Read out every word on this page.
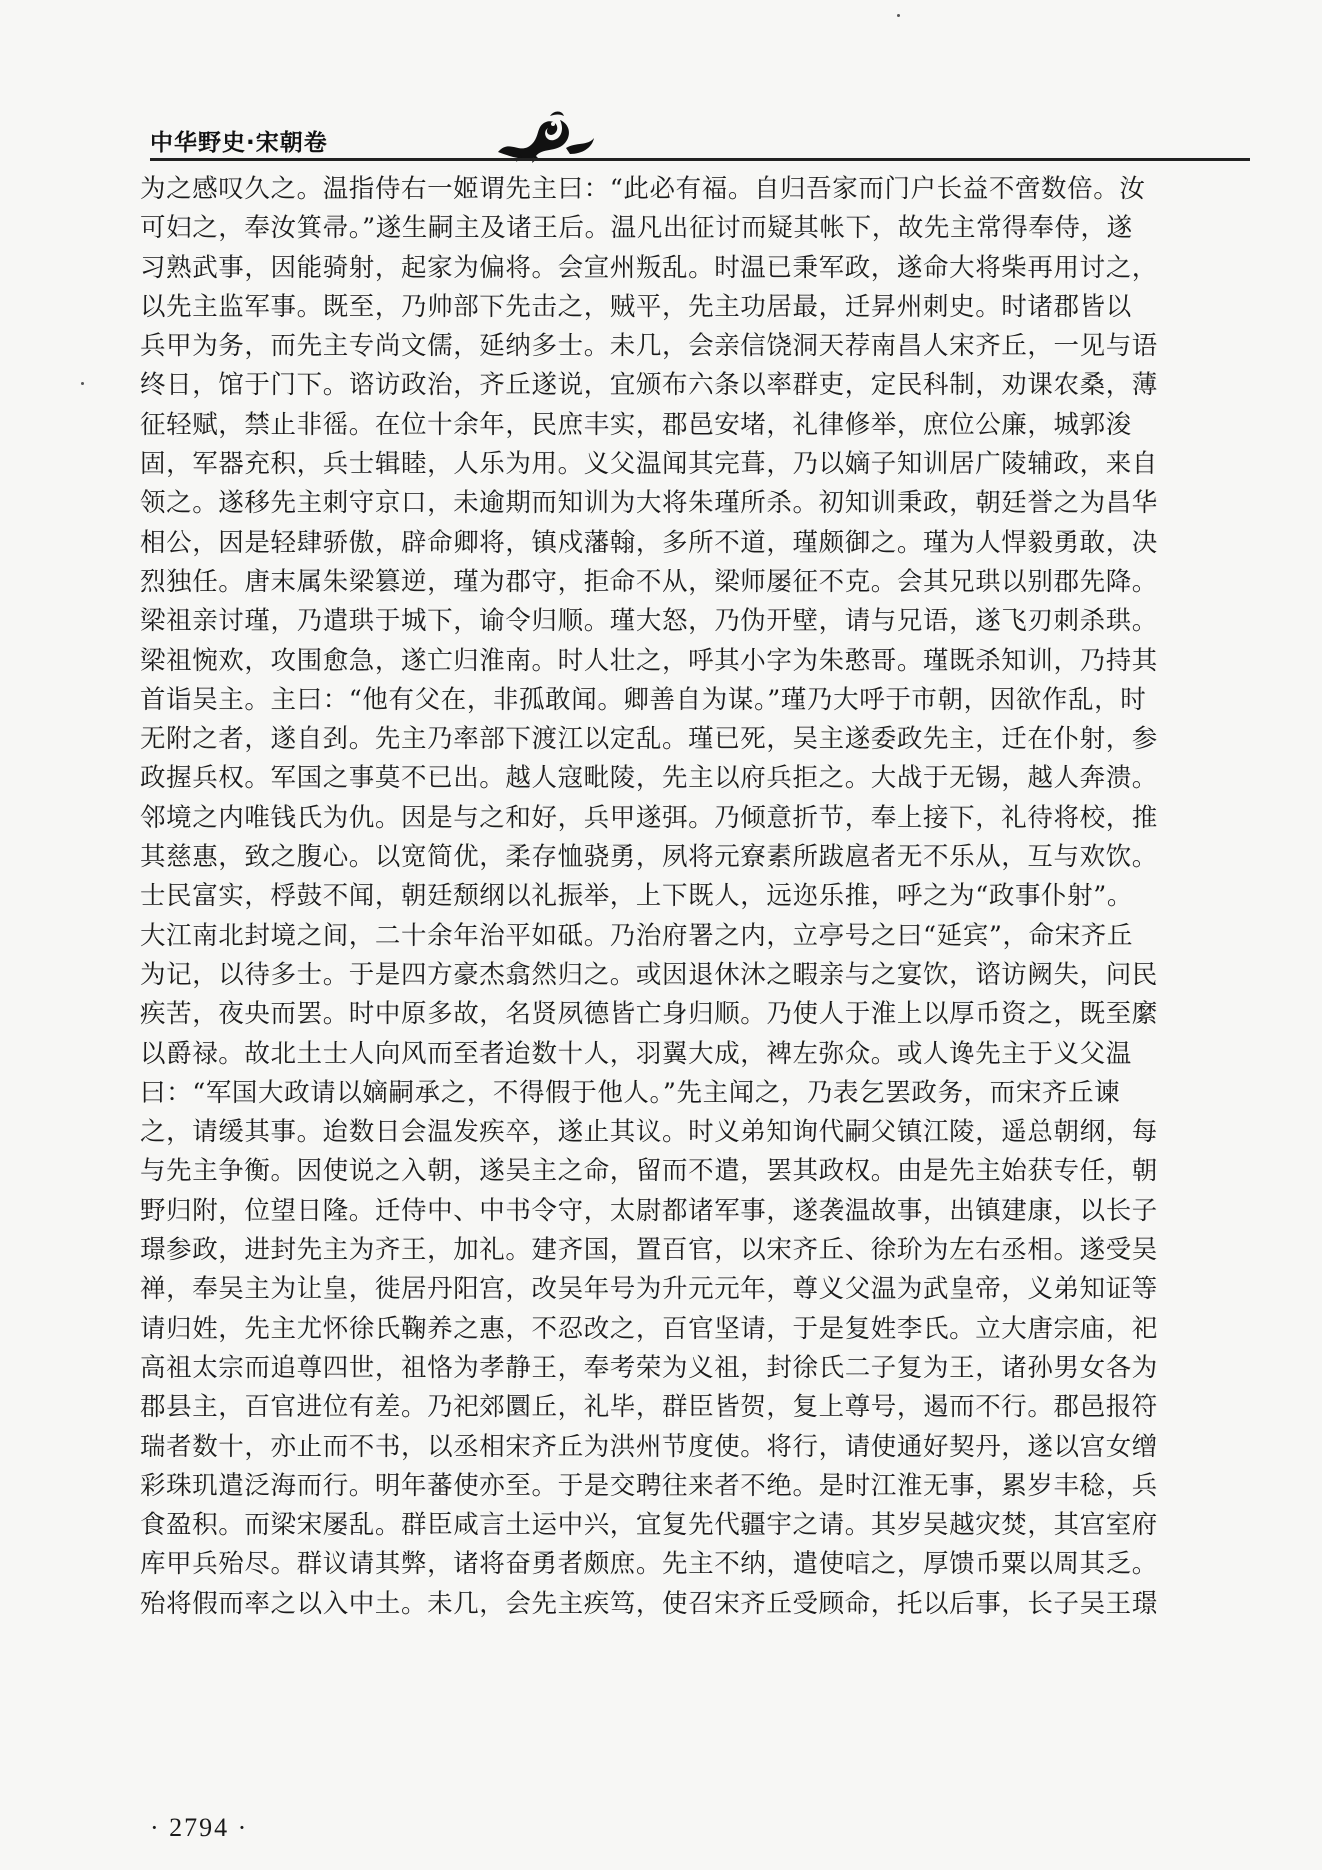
中华野史·宋朝卷
为之感叹久之。温指侍右一姬谓先主曰：“此必有福。自归吾家而门户长益不啻数倍。汝
可妇之，奉汝箕帚。”遂生嗣主及诸王后。温凡出征讨而疑其帐下，故先主常得奉侍，遂
习熟武事，因能骑射，起家为偏将。会宣州叛乱。时温已秉军政，遂命大将柴再用讨之，
以先主监军事。既至，乃帅部下先击之，贼平，先主功居最，迁昇州刺史。时诸郡皆以
兵甲为务，而先主专尚文儒，延纳多士。未几，会亲信饶洞天荐南昌人宋齐丘，一见与语
终日，馆于门下。谘访政治，齐丘遂说，宜颁布六条以率群吏，定民科制，劝课农桑，薄
征轻赋，禁止非徭。在位十余年，民庶丰实，郡邑安堵，礼律修举，庶位公廉，城郭浚
固，军器充积，兵士辑睦，人乐为用。义父温闻其完葺，乃以嫡子知训居广陵辅政，来自
领之。遂移先主刺守京口，未逾期而知训为大将朱瑾所杀。初知训秉政，朝廷誉之为昌华
相公，因是轻肆骄傲，辟命卿将，镇戍藩翰，多所不道，瑾颇御之。瑾为人悍毅勇敢，决
烈独任。唐末属朱梁篡逆，瑾为郡守，拒命不从，梁师屡征不克。会其兄珙以别郡先降。
梁祖亲讨瑾，乃遣珙于城下，谕令归顺。瑾大怒，乃伪开壁，请与兄语，遂飞刃刺杀珙。
梁祖惋欢，攻围愈急，遂亡归淮南。时人壮之，呼其小字为朱憨哥。瑾既杀知训，乃持其
首诣吴主。主曰：“他有父在，非孤敢闻。卿善自为谋。”瑾乃大呼于市朝，因欲作乱，时
无附之者，遂自刭。先主乃率部下渡江以定乱。瑾已死，吴主遂委政先主，迁在仆射，参
政握兵权。军国之事莫不已出。越人寇毗陵，先主以府兵拒之。大战于无锡，越人奔溃。
邻境之内唯钱氏为仇。因是与之和好，兵甲遂弭。乃倾意折节，奉上接下，礼待将校，推
其慈惠，致之腹心。以宽简优，柔存恤骁勇，夙将元寮素所跋扈者无不乐从，互与欢饮。
士民富实，桴鼓不闻，朝廷颓纲以礼振举，上下既人，远迩乐推，呼之为“政事仆射”。
大江南北封境之间，二十余年治平如砥。乃治府署之内，立亭号之曰“延宾”，命宋齐丘
为记，以待多士。于是四方豪杰翕然归之。或因退休沐之暇亲与之宴饮，谘访阙失，问民
疾苦，夜央而罢。时中原多故，名贤夙德皆亡身归顺。乃使人于淮上以厚币资之，既至縻
以爵禄。故北土士人向风而至者迨数十人，羽翼大成，裨左弥众。或人谗先主于义父温
曰：“军国大政请以嫡嗣承之，不得假于他人。”先主闻之，乃表乞罢政务，而宋齐丘谏
之，请缓其事。迨数日会温发疾卒，遂止其议。时义弟知询代嗣父镇江陵，遥总朝纲，每
与先主争衡。因使说之入朝，遂吴主之命，留而不遣，罢其政权。由是先主始获专任，朝
野归附，位望日隆。迁侍中、中书令守，太尉都诸军事，遂袭温故事，出镇建康，以长子
璟参政，进封先主为齐王，加礼。建齐国，置百官，以宋齐丘、徐玠为左右丞相。遂受吴
禅，奉吴主为让皇，徙居丹阳宫，改吴年号为升元元年，尊义父温为武皇帝，义弟知证等
请归姓，先主尤怀徐氏鞠养之惠，不忍改之，百官坚请，于是复姓李氏。立大唐宗庙，祀
高祖太宗而追尊四世，祖恪为孝静王，奉考荣为义祖，封徐氏二子复为王，诸孙男女各为
郡县主，百官进位有差。乃祀郊圜丘，礼毕，群臣皆贺，复上尊号，遏而不行。郡邑报符
瑞者数十，亦止而不书，以丞相宋齐丘为洪州节度使。将行，请使通好契丹，遂以宫女缯
彩珠玑遣泛海而行。明年蕃使亦至。于是交聘往来者不绝。是时江淮无事，累岁丰稔，兵
食盈积。而梁宋屡乱。群臣咸言土运中兴，宜复先代疆宇之请。其岁吴越灾焚，其宫室府
库甲兵殆尽。群议请其弊，诸将奋勇者颇庶。先主不纳，遣使唁之，厚馈币粟以周其乏。
殆将假而率之以入中土。未几，会先主疾笃，使召宋齐丘受顾命，托以后事，长子吴王璟
· 2794 ·
